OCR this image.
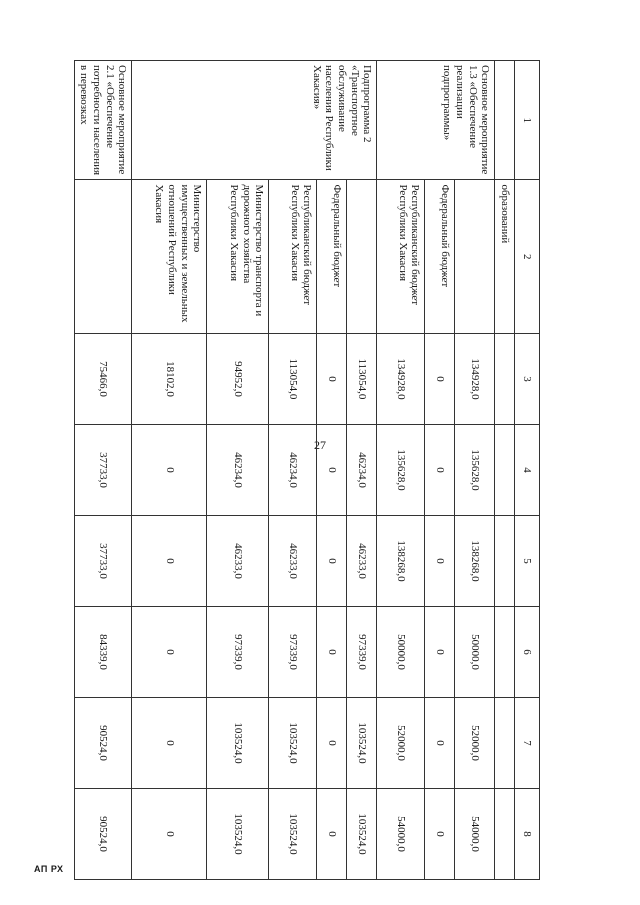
27
АП РХ
1	2	3	4	5	6	7	8
	образований						
Основное мероприятие 1.3 «Обеспечение реализации подпрограммы»		134928,0	135628,0	138268,0	50000,0	52000,0	54000,0
	Федеральный бюджет	0	0	0	0	0	0
	Республиканский бюджет Республики Хакасия	134928,0	135628,0	138268,0	50000,0	52000,0	54000,0
Подпрограмма 2 «Транспортное обслуживание населения Республики Хакасия»		113054,0	46234,0	46233,0	97339,0	103524,0	103524,0
	Федеральный бюджет	0	0	0	0	0	0
	Республиканский бюджет Республики Хакасия	113054,0	46234,0	46233,0	97339,0	103524,0	103524,0
	Министерство транспорта и дорожного хозяйства Республики Хакасия	94952,0	46234,0	46233,0	97339,0	103524,0	103524,0
	Министерство имущественных и земельных отношений Республики Хакасия	18102,0	0	0	0	0	0
Основное мероприятие 2.1 «Обеспечение потребности населения в перевозках		75466,0	37733,0	37733,0	84339,0	90524,0	90524,0
